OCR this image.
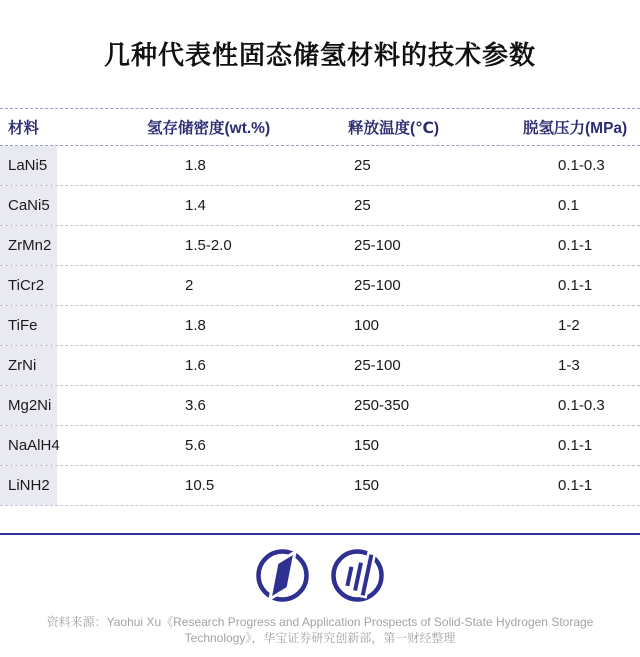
几种代表性固态储氢材料的技术参数
材料	氢存储密度(wt.%)	释放温度(℃)	脱氢压力(MPa)
LaNi5	1.8	25	0.1-0.3
CaNi5	1.4	25	0.1
ZrMn2	1.5-2.0	25-100	0.1-1
TiCr2	2	25-100	0.1-1
TiFe	1.8	100	1-2
ZrNi	1.6	25-100	1-3
Mg2Ni	3.6	250-350	0.1-0.3
NaAlH4	5.6	150	0.1-1
LiNH2	10.5	150	0.1-1
资料来源：Yaohui Xu《Research Progress and Application Prospects of Solid-State Hydrogen Storage
Technology》，华宝证券研究创新部，第一财经整理
